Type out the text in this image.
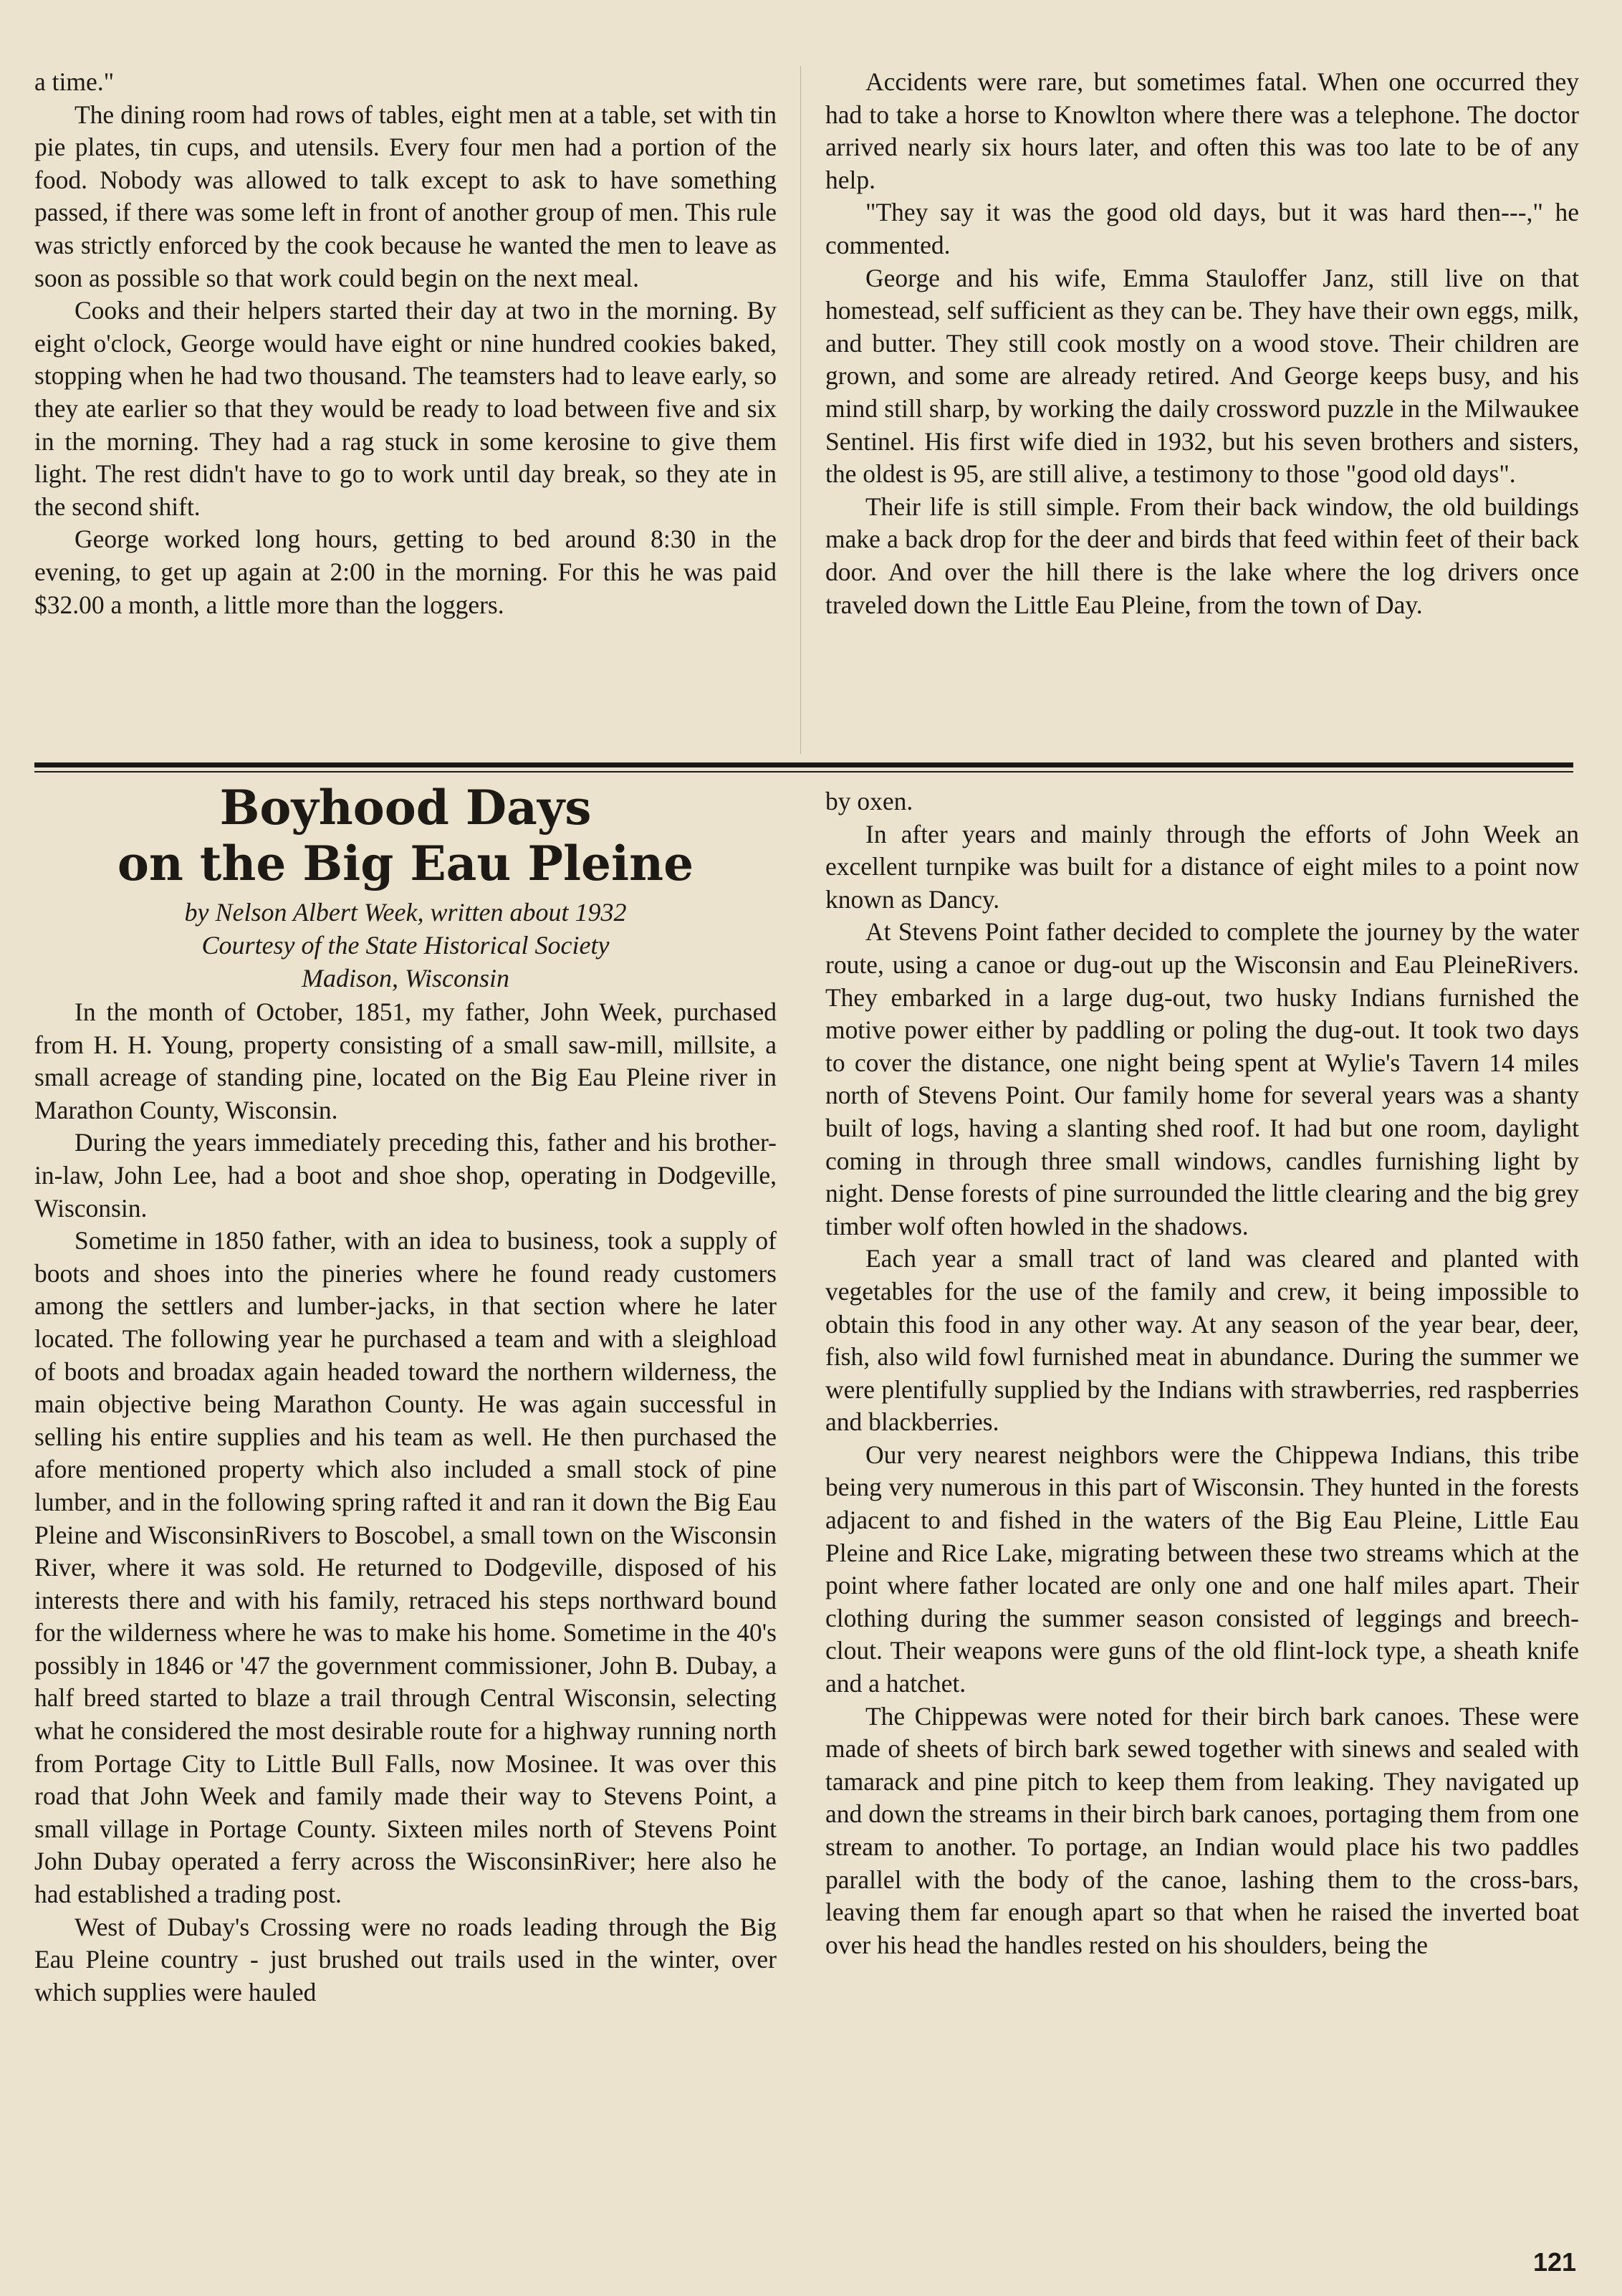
a time."

The dining room had rows of tables, eight men at a table, set with tin pie plates, tin cups, and utensils. Every four men had a portion of the food. Nobody was allowed to talk except to ask to have something passed, if there was some left in front of another group of men. This rule was strictly enforced by the cook because he wanted the men to leave as soon as possible so that work could begin on the next meal.

Cooks and their helpers started their day at two in the morning. By eight o'clock, George would have eight or nine hundred cookies baked, stopping when he had two thousand. The teamsters had to leave early, so they ate earlier so that they would be ready to load between five and six in the morning. They had a rag stuck in some kerosine to give them light. The rest didn't have to go to work until day break, so they ate in the second shift.

George worked long hours, getting to bed around 8:30 in the evening, to get up again at 2:00 in the morning. For this he was paid $32.00 a month, a little more than the loggers.

Accidents were rare, but sometimes fatal. When one occurred they had to take a horse to Knowlton where there was a telephone. The doctor arrived nearly six hours later, and often this was too late to be of any help.

"They say it was the good old days, but it was hard then---," he commented.

George and his wife, Emma Stauloffer Janz, still live on that homestead, self sufficient as they can be. They have their own eggs, milk, and butter. They still cook mostly on a wood stove. Their children are grown, and some are already retired. And George keeps busy, and his mind still sharp, by working the daily crossword puzzle in the Milwaukee Sentinel. His first wife died in 1932, but his seven brothers and sisters, the oldest is 95, are still alive, a testimony to those "good old days".

Their life is still simple. From their back window, the old buildings make a back drop for the deer and birds that feed within feet of their back door. And over the hill there is the lake where the log drivers once traveled down the Little Eau Pleine, from the town of Day.

Boyhood Days
on the Big Eau Pleine
by Nelson Albert Week, written about 1932
Courtesy of the State Historical Society
Madison, Wisconsin

In the month of October, 1851, my father, John Week, purchased from H. H. Young, property consisting of a small saw-mill, millsite, a small acreage of standing pine, located on the Big Eau Pleine river in Marathon County, Wisconsin.

During the years immediately preceding this, father and his brother-in-law, John Lee, had a boot and shoe shop, operating in Dodgeville, Wisconsin.

Sometime in 1850 father, with an idea to business, took a supply of boots and shoes into the pineries where he found ready customers among the settlers and lumber-jacks, in that section where he later located. The following year he purchased a team and with a sleighload of boots and broadax again headed toward the northern wilderness, the main objective being Marathon County. He was again successful in selling his entire supplies and his team as well. He then purchased the afore mentioned property which also included a small stock of pine lumber, and in the following spring rafted it and ran it down the Big Eau Pleine and WisconsinRivers to Boscobel, a small town on the Wisconsin River, where it was sold. He returned to Dodgeville, disposed of his interests there and with his family, retraced his steps northward bound for the wilderness where he was to make his home. Sometime in the 40's possibly in 1846 or '47 the government commissioner, John B. Dubay, a half breed started to blaze a trail through Central Wisconsin, selecting what he considered the most desirable route for a highway running north from Portage City to Little Bull Falls, now Mosinee. It was over this road that John Week and family made their way to Stevens Point, a small village in Portage County. Sixteen miles north of Stevens Point John Dubay operated a ferry across the WisconsinRiver; here also he had established a trading post.

West of Dubay's Crossing were no roads leading through the Big Eau Pleine country - just brushed out trails used in the winter, over which supplies were hauled

by oxen.

In after years and mainly through the efforts of John Week an excellent turnpike was built for a distance of eight miles to a point now known as Dancy.

At Stevens Point father decided to complete the journey by the water route, using a canoe or dug-out up the Wisconsin and Eau PleineRivers. They embarked in a large dug-out, two husky Indians furnished the motive power either by paddling or poling the dug-out. It took two days to cover the distance, one night being spent at Wylie's Tavern 14 miles north of Stevens Point. Our family home for several years was a shanty built of logs, having a slanting shed roof. It had but one room, daylight coming in through three small windows, candles furnishing light by night. Dense forests of pine surrounded the little clearing and the big grey timber wolf often howled in the shadows.

Each year a small tract of land was cleared and planted with vegetables for the use of the family and crew, it being impossible to obtain this food in any other way. At any season of the year bear, deer, fish, also wild fowl furnished meat in abundance. During the summer we were plentifully supplied by the Indians with strawberries, red raspberries and blackberries.

Our very nearest neighbors were the Chippewa Indians, this tribe being very numerous in this part of Wisconsin. They hunted in the forests adjacent to and fished in the waters of the Big Eau Pleine, Little Eau Pleine and Rice Lake, migrating between these two streams which at the point where father located are only one and one half miles apart. Their clothing during the summer season consisted of leggings and breech-clout. Their weapons were guns of the old flint-lock type, a sheath knife and a hatchet.

The Chippewas were noted for their birch bark canoes. These were made of sheets of birch bark sewed together with sinews and sealed with tamarack and pine pitch to keep them from leaking. They navigated up and down the streams in their birch bark canoes, portaging them from one stream to another. To portage, an Indian would place his two paddles parallel with the body of the canoe, lashing them to the cross-bars, leaving them far enough apart so that when he raised the inverted boat over his head the handles rested on his shoulders, being the

121
